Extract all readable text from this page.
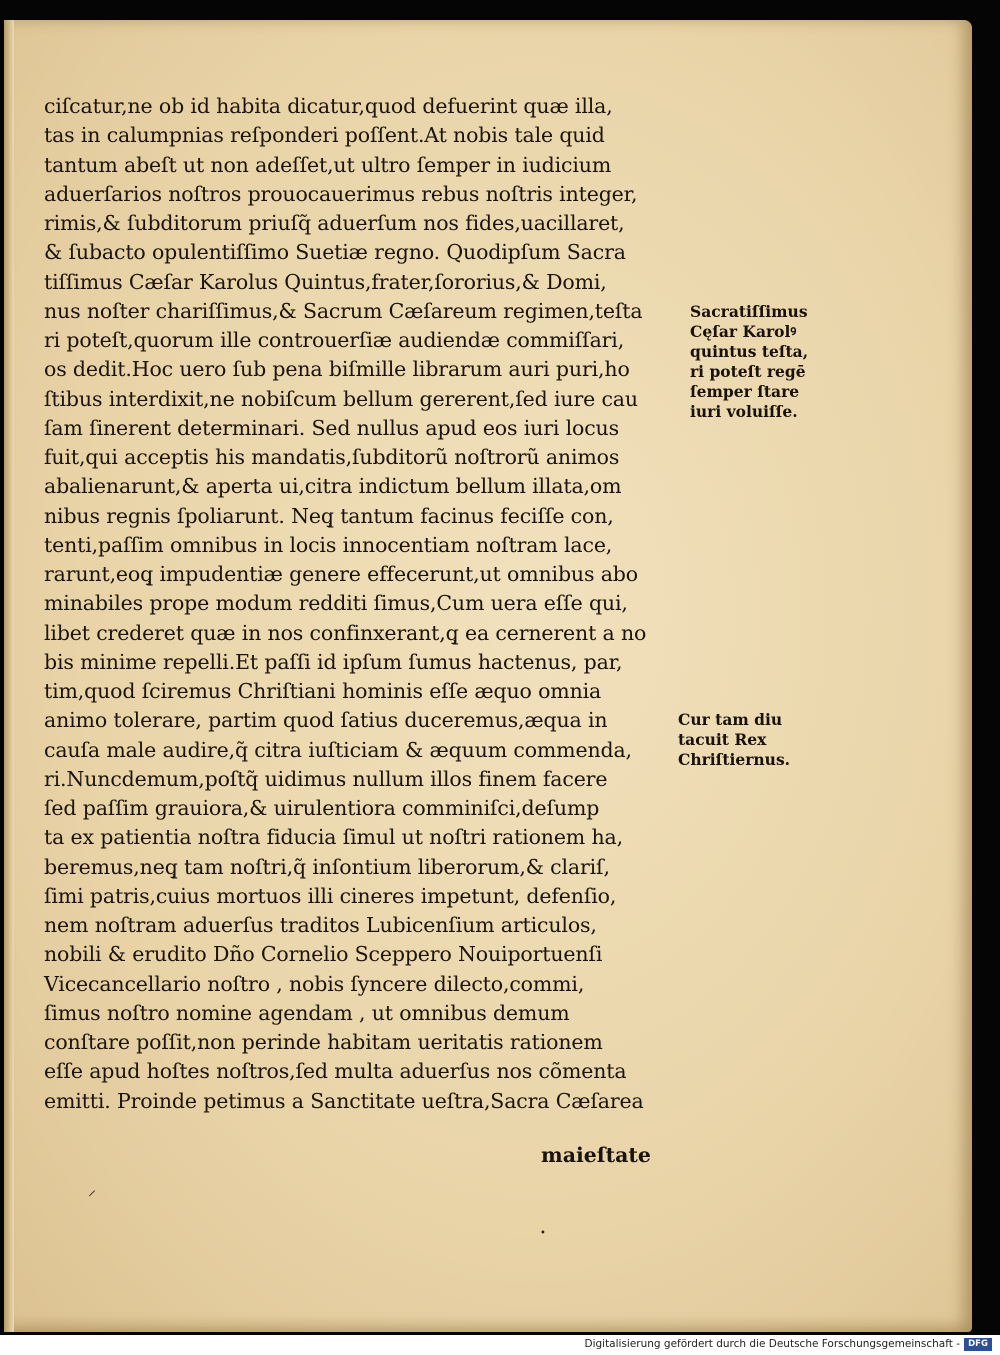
ciſcatur,ne ob id habita dicatur,quod defuerint quæ illa,
tas in calumpnias reſponderi poſſent.At nobis tale quid
tantum abeſt ut non adeſſet,ut ultro ſemper in iudicium
aduerſarios noſtros prouocauerimus rebus noſtris integer,
rimis,& ſubditorum priuſq̃ aduerſum nos fides,uacillaret,
& ſubacto opulentiſſimo Suetiæ regno. Quodipſum Sacra
tiſſimus Cæſar Karolus Quintus,frater,ſororius,& Domi,
nus noſter chariſſimus,& Sacrum Cæſareum regimen,teſta
ri poteſt,quorum ille controuerſiæ audiendæ commiſſari,
os dedit.Hoc uero ſub pena biſmille librarum auri puri,ho
ſtibus interdixit,ne nobiſcum bellum gererent,ſed iure cau
ſam ſinerent determinari. Sed nullus apud eos iuri locus
fuit,qui acceptis his mandatis,ſubditorũ noſtrorũ animos
abalienarunt,& aperta ui,citra indictum bellum illata,om
nibus regnis ſpoliarunt. Neq̧ tantum facinus feciſſe con,
tenti,paſſim omnibus in locis innocentiam noſtram lace,
rarunt,eoq̧ impudentiæ genere effecerunt,ut omnibus abo
minabiles prope modum redditi ſimus,Cum uera eſſe qui,
libet crederet quæ in nos confinxerant,q̧ ea cernerent a no
bis minime repelli.Et paſſi id ipſum ſumus hactenus, par,
tim,quod ſciremus Chriſtiani hominis eſſe æquo omnia
animo tolerare, partim quod ſatius duceremus,æqua in
cauſa male audire,q̃ citra iuſticiam & æquum commenda,
ri.Nuncdemum,poſtq̃ uidimus nullum illos finem facere
ſed paſſim grauiora,& uirulentiora comminiſci,deſump
ta ex patientia noſtra fiducia ſimul ut noſtri rationem ha,
beremus,neq̧ tam noſtri,q̃ inſontium liberorum,& clariſ,
ſimi patris,cuius mortuos illi cineres impetunt, defenſio,
nem noſtram aduerſus traditos Lubicenſium articulos,
nobili & erudito Dño Cornelio Sceppero Nouiportuenſi
Vicecancellario noſtro , nobis ſyncere dilecto,commi,
ſimus noſtro nomine agendam , ut omnibus demum
conſtare poſſit,non perinde habitam ueritatis rationem
eſſe apud hoſtes noſtros,ſed multa aduerſus nos cõmenta
emitti. Proinde petimus a Sanctitate ueſtra,Sacra Cæſarea
maieſtate
Sacratiſſimus
Cęſar Karolꝰ
quintus teſta,
ri poteſt regē
ſemper ſtare
iuri voluiſſe.
Cur tam diu
tacuit Rex
Chriſtiernus.
⸝
•
Digitalisierung gefördert durch die Deutsche Forschungsgemeinschaft - DFG
